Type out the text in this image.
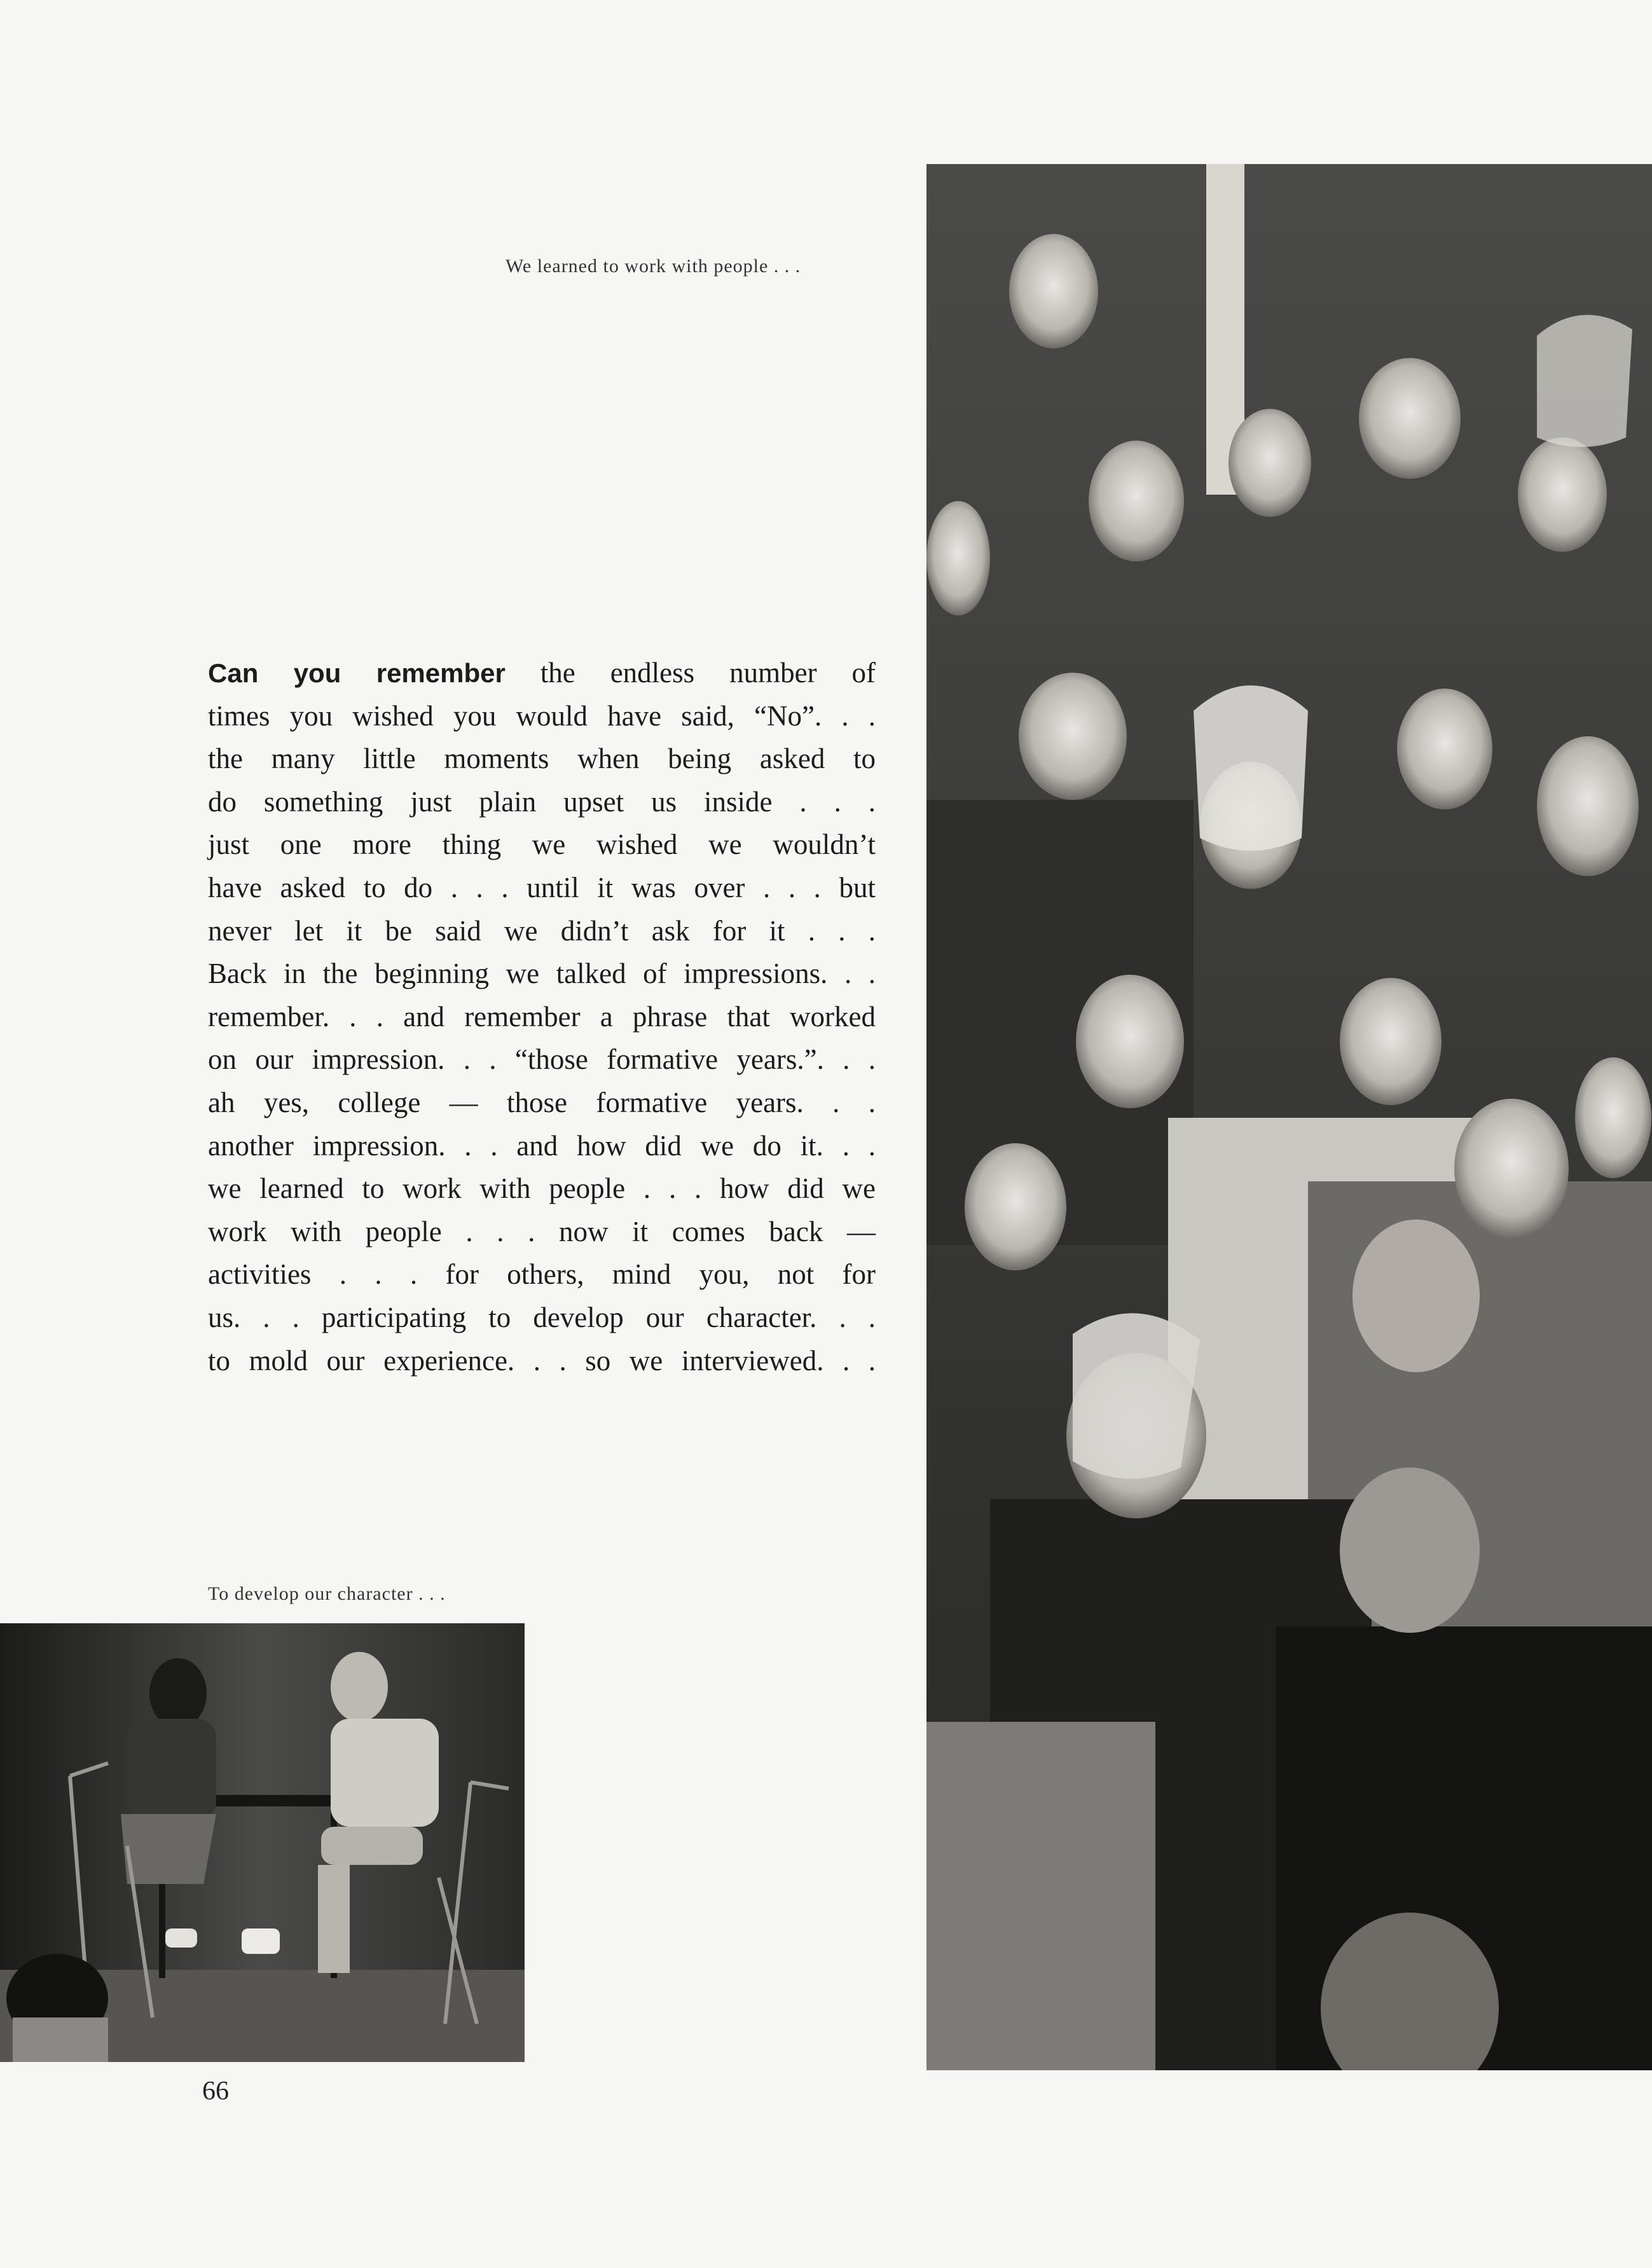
We learned to work with people . . .
Can you remember the endless number of
times you wished you would have said, “No”. . .
the many little moments when being asked to
do something just plain upset us inside . . .
just one more thing we wished we wouldn’t
have asked to do . . . until it was over . . . but
never let it be said we didn’t ask for it . . .
Back in the beginning we talked of impressions. . .
remember. . . and remember a phrase that worked
on our impression. . . “those formative years.”. . .
ah yes, college — those formative years. . .
another impression. . . and how did we do it. . .
we learned to work with people . . . how did we
work with people . . . now it comes back —
activities . . . for others, mind you, not for
us. . . participating to develop our character. . .
to mold our experience. . . so we interviewed. . .
To develop our character . . .
66
